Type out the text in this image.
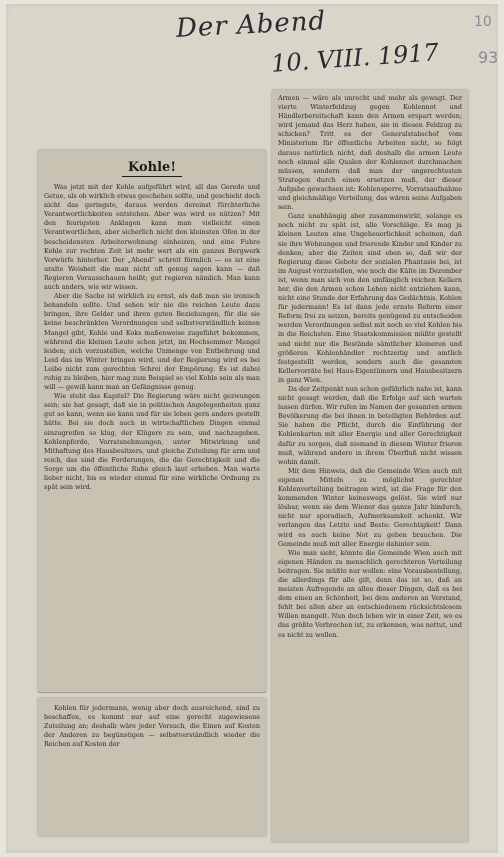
Der Abend
10. VIII. 1917
10
93
Kohle!

Was jetzt mit der Kohle aufgeführt wird, all das Gerede und Getue, als ob wirklich etwas geschehen sollte, und geschieht doch nicht das geringste, daraus werden dereinst fürchterliche Verantwortlichkeiten entstehen. Aber was wird es nützen? Mit den feurigsten Anklagen kann man vielleicht einen Verantwortlichen, aber sicherlich nicht den kleinsten Ofen in der bescheidensten Arbeiterwohnung einheizen, und eine Fuhre Kohle zur rechten Zeit ist mehr wert als ein ganzes Bergwerk Vorwürfe hinterher. Der „Abend“ schreit förmlich — es ist eine uralte Weisheit die man nicht oft genug sagen kann — daß Regieren Vorausschauen heißt; gut regieren nämlich. Man kann auch anders, wie wir wissen.

Aber die Sache ist wirklich zu ernst, als daß man sie ironisch behandeln sollte. Und sehen wir nie die reichen Leute dazu bringen, ihre Gelder und ihren guten Beziehungen, für die sie keine beschränkten Verordnungen und selbstverständlich keinen Mangel gibt, Kohle und Koks maßenweise zugeführt bekommen, während die kleinen Leute schon jetzt, im Hochsommer Mangel leiden; sich vorzustellen, welche Unmenge von Entbehrung und Leid das im Winter bringen wird, und der Regierung wird es bei Leibe nicht zum gerechten Schrei der Empörung. Es ist dabei ruhig zu bleiben, hier mag zum Beispiel so viel Kohle sein als man will — gewiß kann man an Gefängnisse genug.

Wie steht das Kapitel? Die Regierung wäre nicht gezwungen sein; sie hat gesagt, daß sie in politischen Angelegenheiten ganz gut so kann, wenn sie kann und für sie leben gern anders gestellt hätte. Bei sie doch auch in wirtschaftlichen Dingen einmal einzugreifen so klug, der Klügere zu sein, und nachzugeben. Kohlenpferde, Vorratsnehmungen, unter Mitwirkung und Mithaftung des Hausbesitzers, und gleiche Zuteilung für arm und reich, das sind die Forderungen, die die Gerechtigkeit und die Sorge um die öffentliche Ruhe gleich laut erheben. Man warte lieber nicht, bis es wieder einmal für eine wirkliche Ordnung zu spät sein wird.

Kohlen für jedermann, wenig aber doch ausreichend, sind zu beschaffen, es kommt nur auf eine gerecht zugewiesene Zuteilung an; deshalb wäre jeder Versuch, die Einen auf Kosten der Anderen zu begünstigen — selbstverständlich wieder die Reichen auf Kosten der

Armen — wäre als unrecht und mehr als gewagt. Der vierte Winterfeldzug gegen Kohlennot und Händlerbereitschaft kann den Armen erspart werden; wird jemand das Herz haben, sie in diesen Feldzug zu schicken? Tritt es der Generalstabschef vom Ministerium für öffentliche Arbeiten nicht, so folgt daraus natürlich nicht, daß deshalb die armen Leute noch einmal alle Qualen der Kohlennot durchmachen müssen, sondern daß man der ungerechtesten Strategen durch einen ersetzen muß, der dieser Aufgabe gewachsen ist: Kohlensperre, Vorratsaufnahme und gleichmäßige Verteilung, das wären seine Aufgaben sein.

Ganz unabhängig aber zusammenwirkt, solange es noch nicht zu spät ist, alle Vorschläge. Es mag ja kleinen Leuten eine Ungeheuerlichkeit scheinen, daß sie ihre Wohnungen und frierende Kinder und Kinder zu denken; aber die Zeiten sind eben so, daß wir der Regierung diese Gebote der sozialen Phantasie bei, ist im August vorzustellen, wie noch die Kälte im Dezember ist, wenn man sich von den umfänglich reichen Kellern her, die den Armen schon Leben nicht entziehen kann, nicht eine Stunde der Erfahrung das Gedächtnis. Kohlen für jedermann! Es ist dann jede ernste Reform einer Reform frei zu setzen, bereits genügend zu entscheiden werden Verordnungen selbst mit noch so viel Kohlen bis in die Reichsten. Eine Staatskommission müßte gestellt und nicht nur die Bestände sämtlicher kleineren und größeren Kohlenhändler rechtzeitig und amtlich festgestellt werden, sondern auch die gesamten Kellervorräte bei Haus-Eigentümern und Hausbesitzern in ganz Wien.

Da der Zeitpunkt nun schon gefährlich nahe ist, kann nicht gesagt werden, daß die Erfolge auf sich warten lassen dürfen. Wir rufen im Namen der gesamten armen Bevölkerung die bei ihnen in beteiligten Behörden auf. Sie haben die Pflicht, durch die Einführung der Kohlenkarten mit aller Energie und aller Gerechtigkeit dafür zu sorgen, daß niemand in diesem Winter frieren muß, während andere in ihrem Überfluß nicht wissen wohin damit.

Mit dem Hinweis, daß die Gemeinde Wien auch mit eigenen Mitteln zu möglichst gerechter Kohlenverteilung beitragen wird, ist die Frage für den kommenden Winter keineswegs gelöst. Sie wird nur lösbar, wenn sie dem Wiener das ganze Jahr hindurch, nicht nur sporadisch, Aufmerksamkeit schenkt. Wir verlangen das Letzte und Beste: Gerechtigkeit! Dann wird es auch keine Not zu geben brauchen. Die Gemeinde muß mit aller Energie dahinter sein.

Wie man sieht, könnte die Gemeinde Wien auch mit eigenen Händen zu menschlich gerechteren Verteilung beitragen. Sie müßte nur wollen: eine Vorausbestellung, die allerdings für alle gilt, denn das ist so, daß an meisten Aufregende an allen dieser Dingen, daß es bei dem einen an Schönheit, bei dem anderen an Verstand, fehlt bei allen aber an entschiedenem rücksichtslosem Willen mangelt. Nun doch leben wir in einer Zeit, wo es das größte Verbrechen ist, zu erkennen, was nottut, und es nicht zu wollen.
